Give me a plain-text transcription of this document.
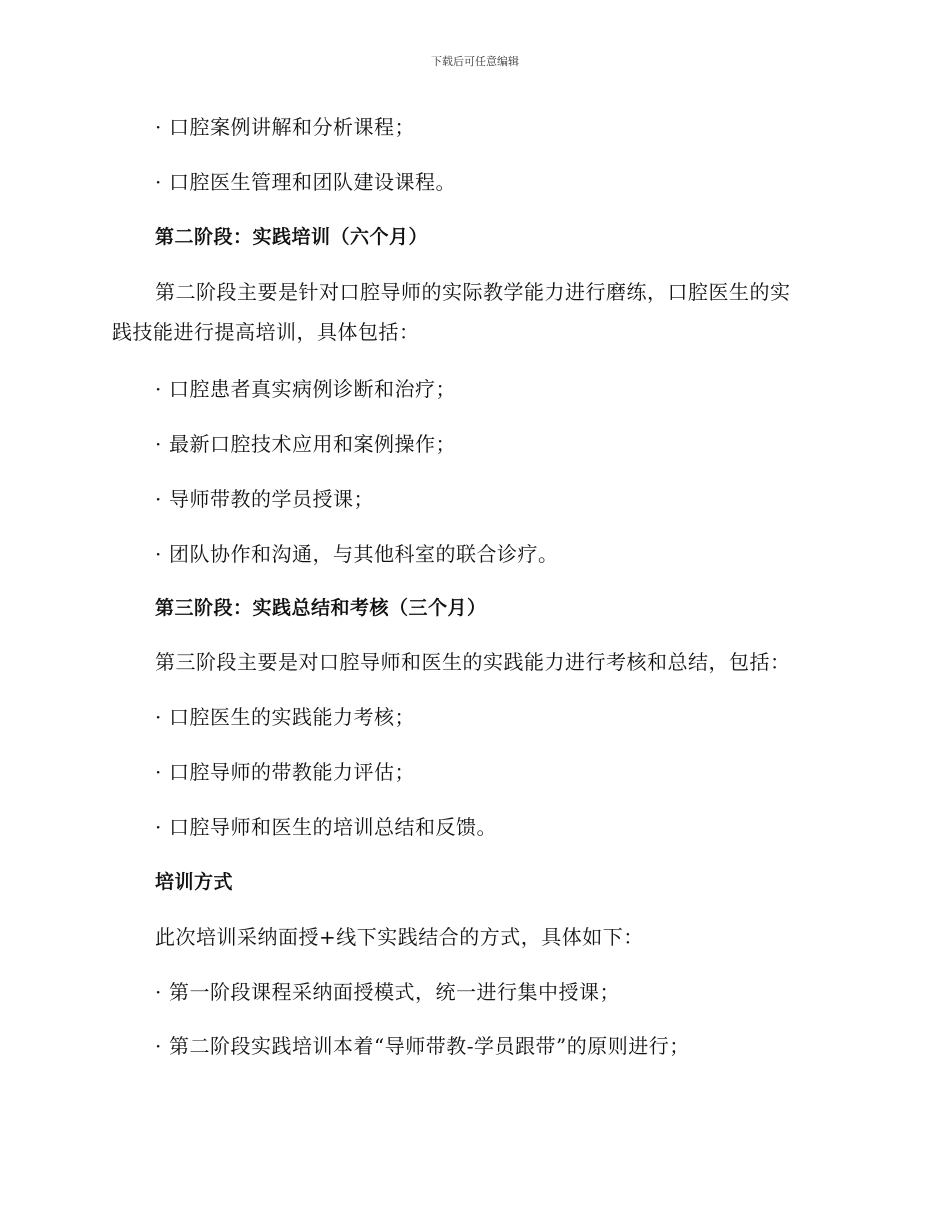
下载后可任意编辑
· 口腔案例讲解和分析课程；
· 口腔医生管理和团队建设课程。
第二阶段：实践培训（六个月）
第二阶段主要是针对口腔导师的实际教学能力进行磨练，口腔医生的实
践技能进行提高培训，具体包括：
· 口腔患者真实病例诊断和治疗；
· 最新口腔技术应用和案例操作；
· 导师带教的学员授课；
· 团队协作和沟通，与其他科室的联合诊疗。
第三阶段：实践总结和考核（三个月）
第三阶段主要是对口腔导师和医生的实践能力进行考核和总结，包括：
· 口腔医生的实践能力考核；
· 口腔导师的带教能力评估；
· 口腔导师和医生的培训总结和反馈。
培训方式
此次培训采纳面授+线下实践结合的方式，具体如下：
· 第一阶段课程采纳面授模式，统一进行集中授课；
· 第二阶段实践培训本着“导师带教-学员跟带”的原则进行；
